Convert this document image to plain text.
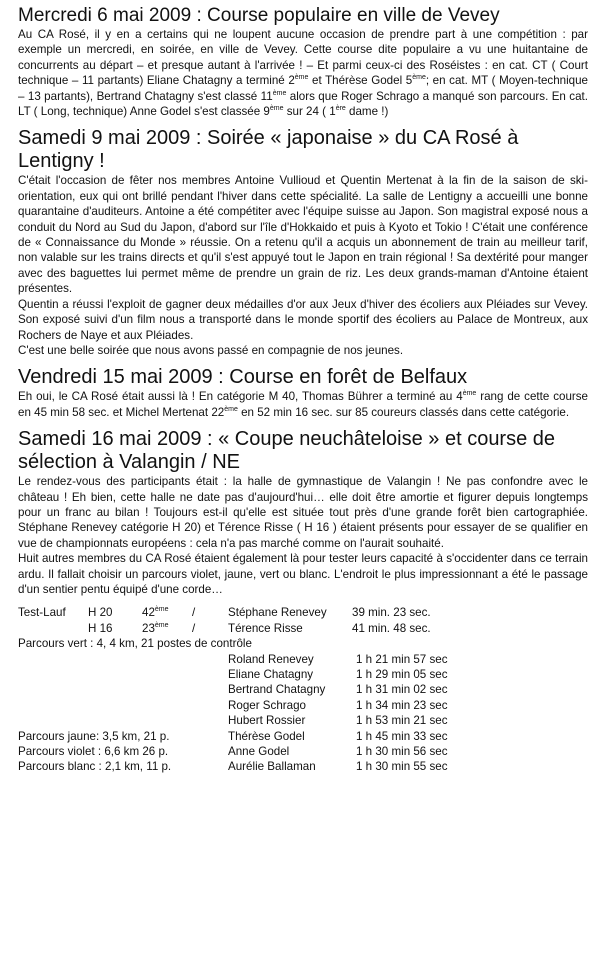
Mercredi 6 mai 2009 : Course populaire en ville de Vevey

Au CA Rosé, il y en a certains qui ne loupent aucune occasion de prendre part à une compétition : par exemple un mercredi, en soirée, en ville de Vevey. Cette course dite populaire a vu une huitantaine de concurrents au départ – et presque autant à l'arrivée ! – Et parmi ceux-ci des Roséistes : en cat. CT ( Court technique – 11 partants) Eliane Chatagny a terminé 2ème et Thérèse Godel 5ème; en cat. MT ( Moyen-technique – 13 partants), Bertrand Chatagny s'est classé 11ème alors que Roger Schrago a manqué son parcours. En cat. LT ( Long, technique) Anne Godel s'est classée 9ème sur 24 ( 1ère dame !)

Samedi 9 mai 2009 : Soirée « japonaise » du CA Rosé à Lentigny !

C'était l'occasion de fêter nos membres Antoine Vullioud et Quentin Mertenat à la fin de la saison de ski-orientation, eux qui ont brillé pendant l'hiver dans cette spécialité. La salle de Lentigny a accueilli une bonne quarantaine d'auditeurs. Antoine a été compétiter avec l'équipe suisse au Japon. Son magistral exposé nous a conduit du Nord au Sud du Japon, d'abord sur l'île d'Hokkaido et puis à Kyoto et Tokio ! C'était une conférence de « Connaissance du Monde » réussie. On a retenu qu'il a acquis un abonnement de train au meilleur tarif, non valable sur les trains directs et qu'il s'est appuyé tout le Japon en train régional ! Sa dextérité pour manger avec des baguettes lui permet même de prendre un grain de riz. Les deux grands-maman d'Antoine étaient présentes.

Quentin a réussi l'exploit de gagner deux médailles d'or aux Jeux d'hiver des écoliers aux Pléiades sur Vevey. Son exposé suivi d'un film nous a transporté dans le monde sportif des écoliers au Palace de Montreux, aux Rochers de Naye et aux Pléiades.

C'est une belle soirée que nous avons passé en compagnie de nos jeunes.

Vendredi 15 mai 2009 : Course en forêt de Belfaux

Eh oui, le CA Rosé était aussi là ! En catégorie M 40, Thomas Bührer a terminé au 4ème rang de cette course en 45 min 58 sec. et Michel Mertenat 22ème en 52 min 16 sec. sur 85 coureurs classés dans cette catégorie.

Samedi 16 mai 2009 : « Coupe neuchâteloise » et course de sélection à Valangin / NE

Le rendez-vous des participants était : la halle de gymnastique de Valangin ! Ne pas confondre avec le château ! Eh bien, cette halle ne date pas d'aujourd'hui… elle doit être amortie et figurer depuis longtemps pour un franc au bilan ! Toujours est-il qu'elle est située tout près d'une grande forêt bien cartographiée. Stéphane Renevey catégorie H 20) et Térence Risse ( H 16 ) étaient présents pour essayer de se qualifier en vue de championnats européens : cela n'a pas marché comme on l'aurait souhaité.

Huit autres membres du CA Rosé étaient également là pour tester leurs capacité à s'occidenter dans ce terrain ardu. Il fallait choisir un parcours violet, jaune, vert ou blanc. L'endroit le plus impressionnant a été le passage d'un sentier pentu équipé d'une corde…

Test-Lauf H 20	42ème /	Stéphane Renevey 39 min. 23 sec.
H 16	23ème /	Térence Risse	41 min. 48 sec.
Parcours vert : 4, 4 km, 21 postes de contrôle
Roland Renevey	1 h 21 min 57 sec
Eliane Chatagny	1 h 29 min 05 sec
Bertrand Chatagny	1 h 31 min 02 sec
Roger Schrago	1 h 34 min 23 sec
Hubert Rossier	1 h 53 min 21 sec
Parcours jaune: 3,5 km, 21 p.	Thérèse Godel	1 h 45 min 33 sec
Parcours violet : 6,6 km 26 p.	Anne Godel	1 h 30 min 56 sec
Parcours blanc : 2,1 km, 11 p.	Aurélie Ballaman	1 h 30 min 55 sec
